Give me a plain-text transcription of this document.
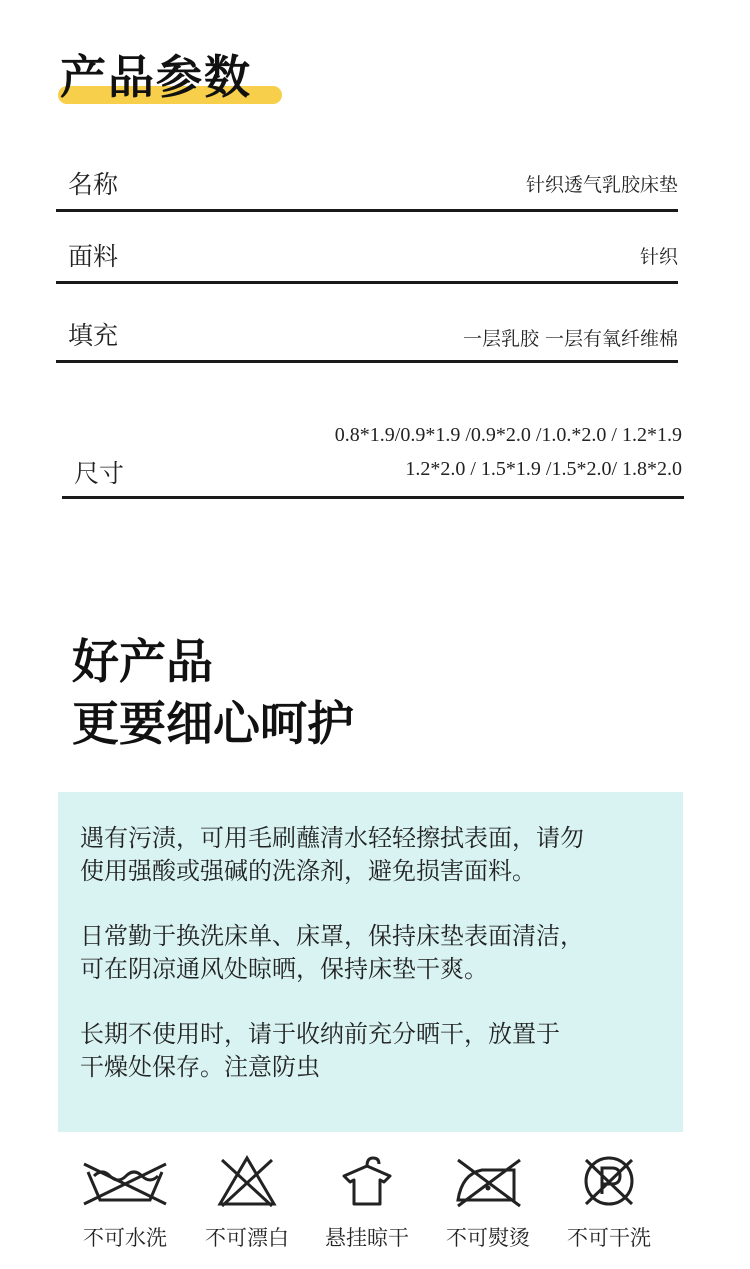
产品参数
名称	针织透气乳胶床垫
面料	针织
填充	一层乳胶 一层有氧纤维棉
尺寸
0.8*1.9/0.9*1.9 /0.9*2.0 /1.0.*2.0 / 1.2*1.9
1.2*2.0 / 1.5*1.9 /1.5*2.0/ 1.8*2.0
好产品
更要细心呵护
遇有污渍，可用毛刷蘸清水轻轻擦拭表面，请勿
使用强酸或强碱的洗涤剂，避免损害面料。
日常勤于换洗床单、床罩，保持床垫表面清洁，
可在阴凉通风处晾晒，保持床垫干爽。
长期不使用时，请于收纳前充分晒干，放置于
干燥处保存。注意防虫
不可水洗	不可漂白	悬挂晾干	不可熨烫	不可干洗
